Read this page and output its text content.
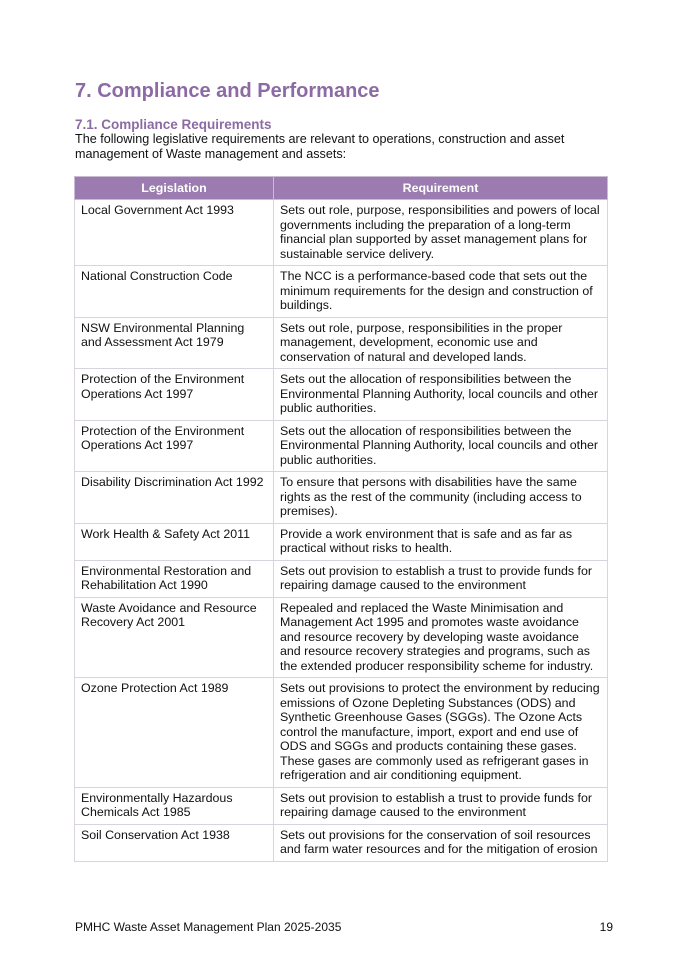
7. Compliance and Performance
7.1. Compliance Requirements

The following legislative requirements are relevant to operations, construction and asset management of Waste management and assets:

Legislation	Requirement
Local Government Act 1993	Sets out role, purpose, responsibilities and powers of local governments including the preparation of a long-term financial plan supported by asset management plans for sustainable service delivery.
National Construction Code	The NCC is a performance-based code that sets out the minimum requirements for the design and construction of buildings.
NSW Environmental Planning and Assessment Act 1979	Sets out role, purpose, responsibilities in the proper management, development, economic use and conservation of natural and developed lands.
Protection of the Environment Operations Act 1997	Sets out the allocation of responsibilities between the Environmental Planning Authority, local councils and other public authorities.
Protection of the Environment Operations Act 1997	Sets out the allocation of responsibilities between the Environmental Planning Authority, local councils and other public authorities.
Disability Discrimination Act 1992	To ensure that persons with disabilities have the same rights as the rest of the community (including access to premises).
Work Health & Safety Act 2011	Provide a work environment that is safe and as far as practical without risks to health.
Environmental Restoration and Rehabilitation Act 1990	Sets out provision to establish a trust to provide funds for repairing damage caused to the environment
Waste Avoidance and Resource Recovery Act 2001	Repealed and replaced the Waste Minimisation and Management Act 1995 and promotes waste avoidance and resource recovery by developing waste avoidance and resource recovery strategies and programs, such as the extended producer responsibility scheme for industry.
Ozone Protection Act 1989	Sets out provisions to protect the environment by reducing emissions of Ozone Depleting Substances (ODS) and Synthetic Greenhouse Gases (SGGs). The Ozone Acts control the manufacture, import, export and end use of ODS and SGGs and products containing these gases. These gases are commonly used as refrigerant gases in refrigeration and air conditioning equipment.
Environmentally Hazardous Chemicals Act 1985	Sets out provision to establish a trust to provide funds for repairing damage caused to the environment
Soil Conservation Act 1938	Sets out provisions for the conservation of soil resources and farm water resources and for the mitigation of erosion
PMHC Waste Asset Management Plan 2025-2035	19
